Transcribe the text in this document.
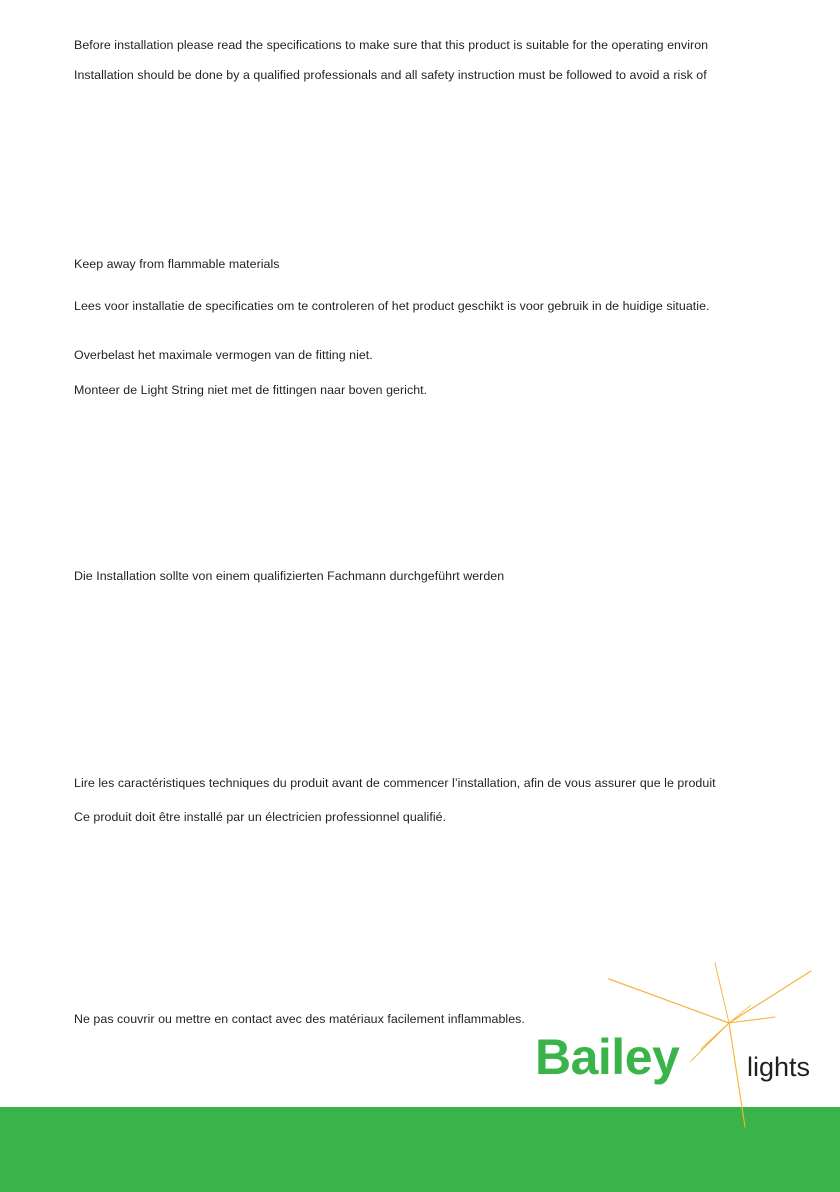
Before installation please read the specifications to make sure that this product is suitable for the operating environ
Installation should be done by a qualified professionals and all safety instruction must be followed to avoid a risk of
Keep away from flammable materials
Lees voor installatie de specificaties om te controleren of het product geschikt is voor gebruik in de huidige situatie.
Overbelast het maximale vermogen van de fitting niet.
Monteer de Light String niet met de fittingen naar boven gericht.
Die Installation sollte von einem qualifizierten Fachmann durchgeführt werden
Lire les caractéristiques techniques du produit avant de commencer l’installation, afin de vous assurer que le produit
Ce produit doit être installé par un électricien professionnel qualifié.
Ne pas couvrir ou mettre en contact avec des matériaux facilement inflammables.
Bailey	lights
